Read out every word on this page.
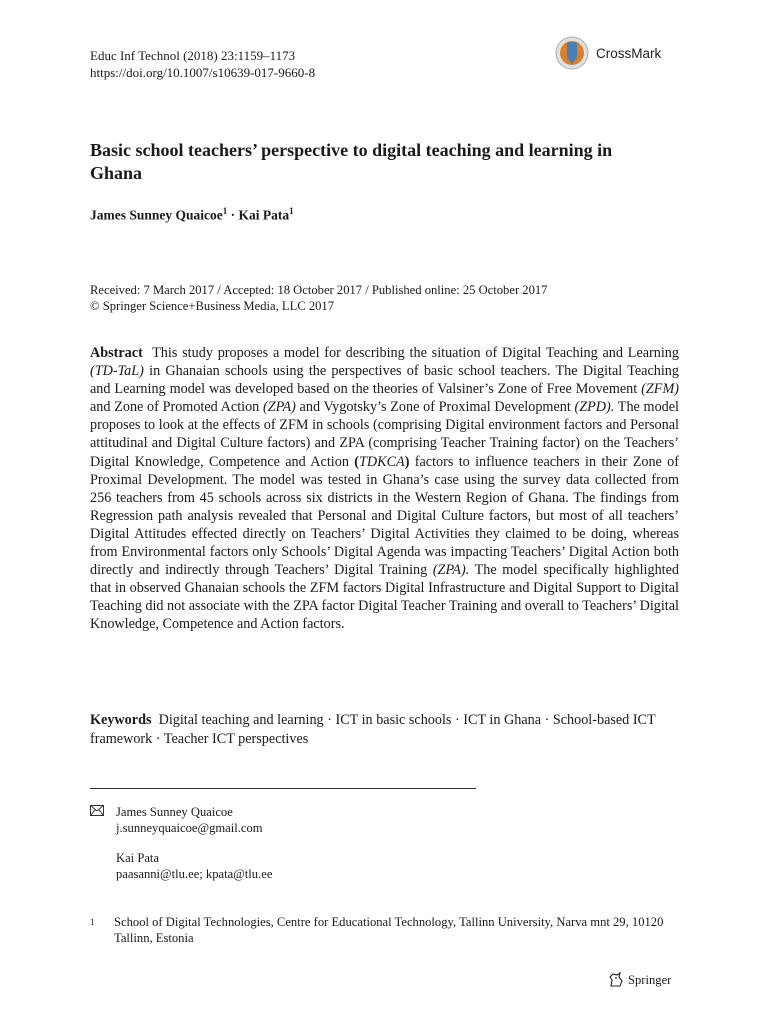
Educ Inf Technol (2018) 23:1159–1173
https://doi.org/10.1007/s10639-017-9660-8
CrossMark
Basic school teachers’ perspective to digital teaching and learning in Ghana
James Sunney Quaicoe$^1$ · Kai Pata$^1$
Received: 7 March 2017 / Accepted: 18 October 2017 / Published online: 25 October 2017
© Springer Science+Business Media, LLC 2017
Abstract This study proposes a model for describing the situation of Digital Teaching and Learning (TD-TaL) in Ghanaian schools using the perspectives of basic school teachers. The Digital Teaching and Learning model was developed based on the theories of Valsiner’s Zone of Free Movement (ZFM) and Zone of Promoted Action (ZPA) and Vygotsky’s Zone of Proximal Development (ZPD). The model proposes to look at the effects of ZFM in schools (comprising Digital environment factors and Personal attitudinal and Digital Culture factors) and ZPA (comprising Teacher Training factor) on the Teachers’ Digital Knowledge, Competence and Action (TDKCA) factors to influence teachers in their Zone of Proximal Development. The model was tested in Ghana’s case using the survey data collected from 256 teachers from 45 schools across six districts in the Western Region of Ghana. The findings from Regression path analysis revealed that Personal and Digital Culture factors, but most of all teachers’ Digital Attitudes effected directly on Teachers’ Digital Activities they claimed to be doing, whereas from Environmental factors only Schools’ Digital Agenda was impacting Teachers’ Digital Action both directly and indirectly through Teachers’ Digital Training (ZPA). The model specifically highlighted that in observed Ghanaian schools the ZFM factors Digital Infrastructure and Digital Support to Digital Teaching did not associate with the ZPA factor Digital Teacher Training and overall to Teachers’ Digital Knowledge, Competence and Action factors.
Keywords Digital teaching and learning · ICT in basic schools · ICT in Ghana · School-based ICT framework · Teacher ICT perspectives
James Sunney Quaicoe
j.sunneyquaicoe@gmail.com
Kai Pata
paasanni@tlu.ee; kpata@tlu.ee
1	School of Digital Technologies, Centre for Educational Technology, Tallinn University, Narva mnt 29, 10120 Tallinn, Estonia
Springer
